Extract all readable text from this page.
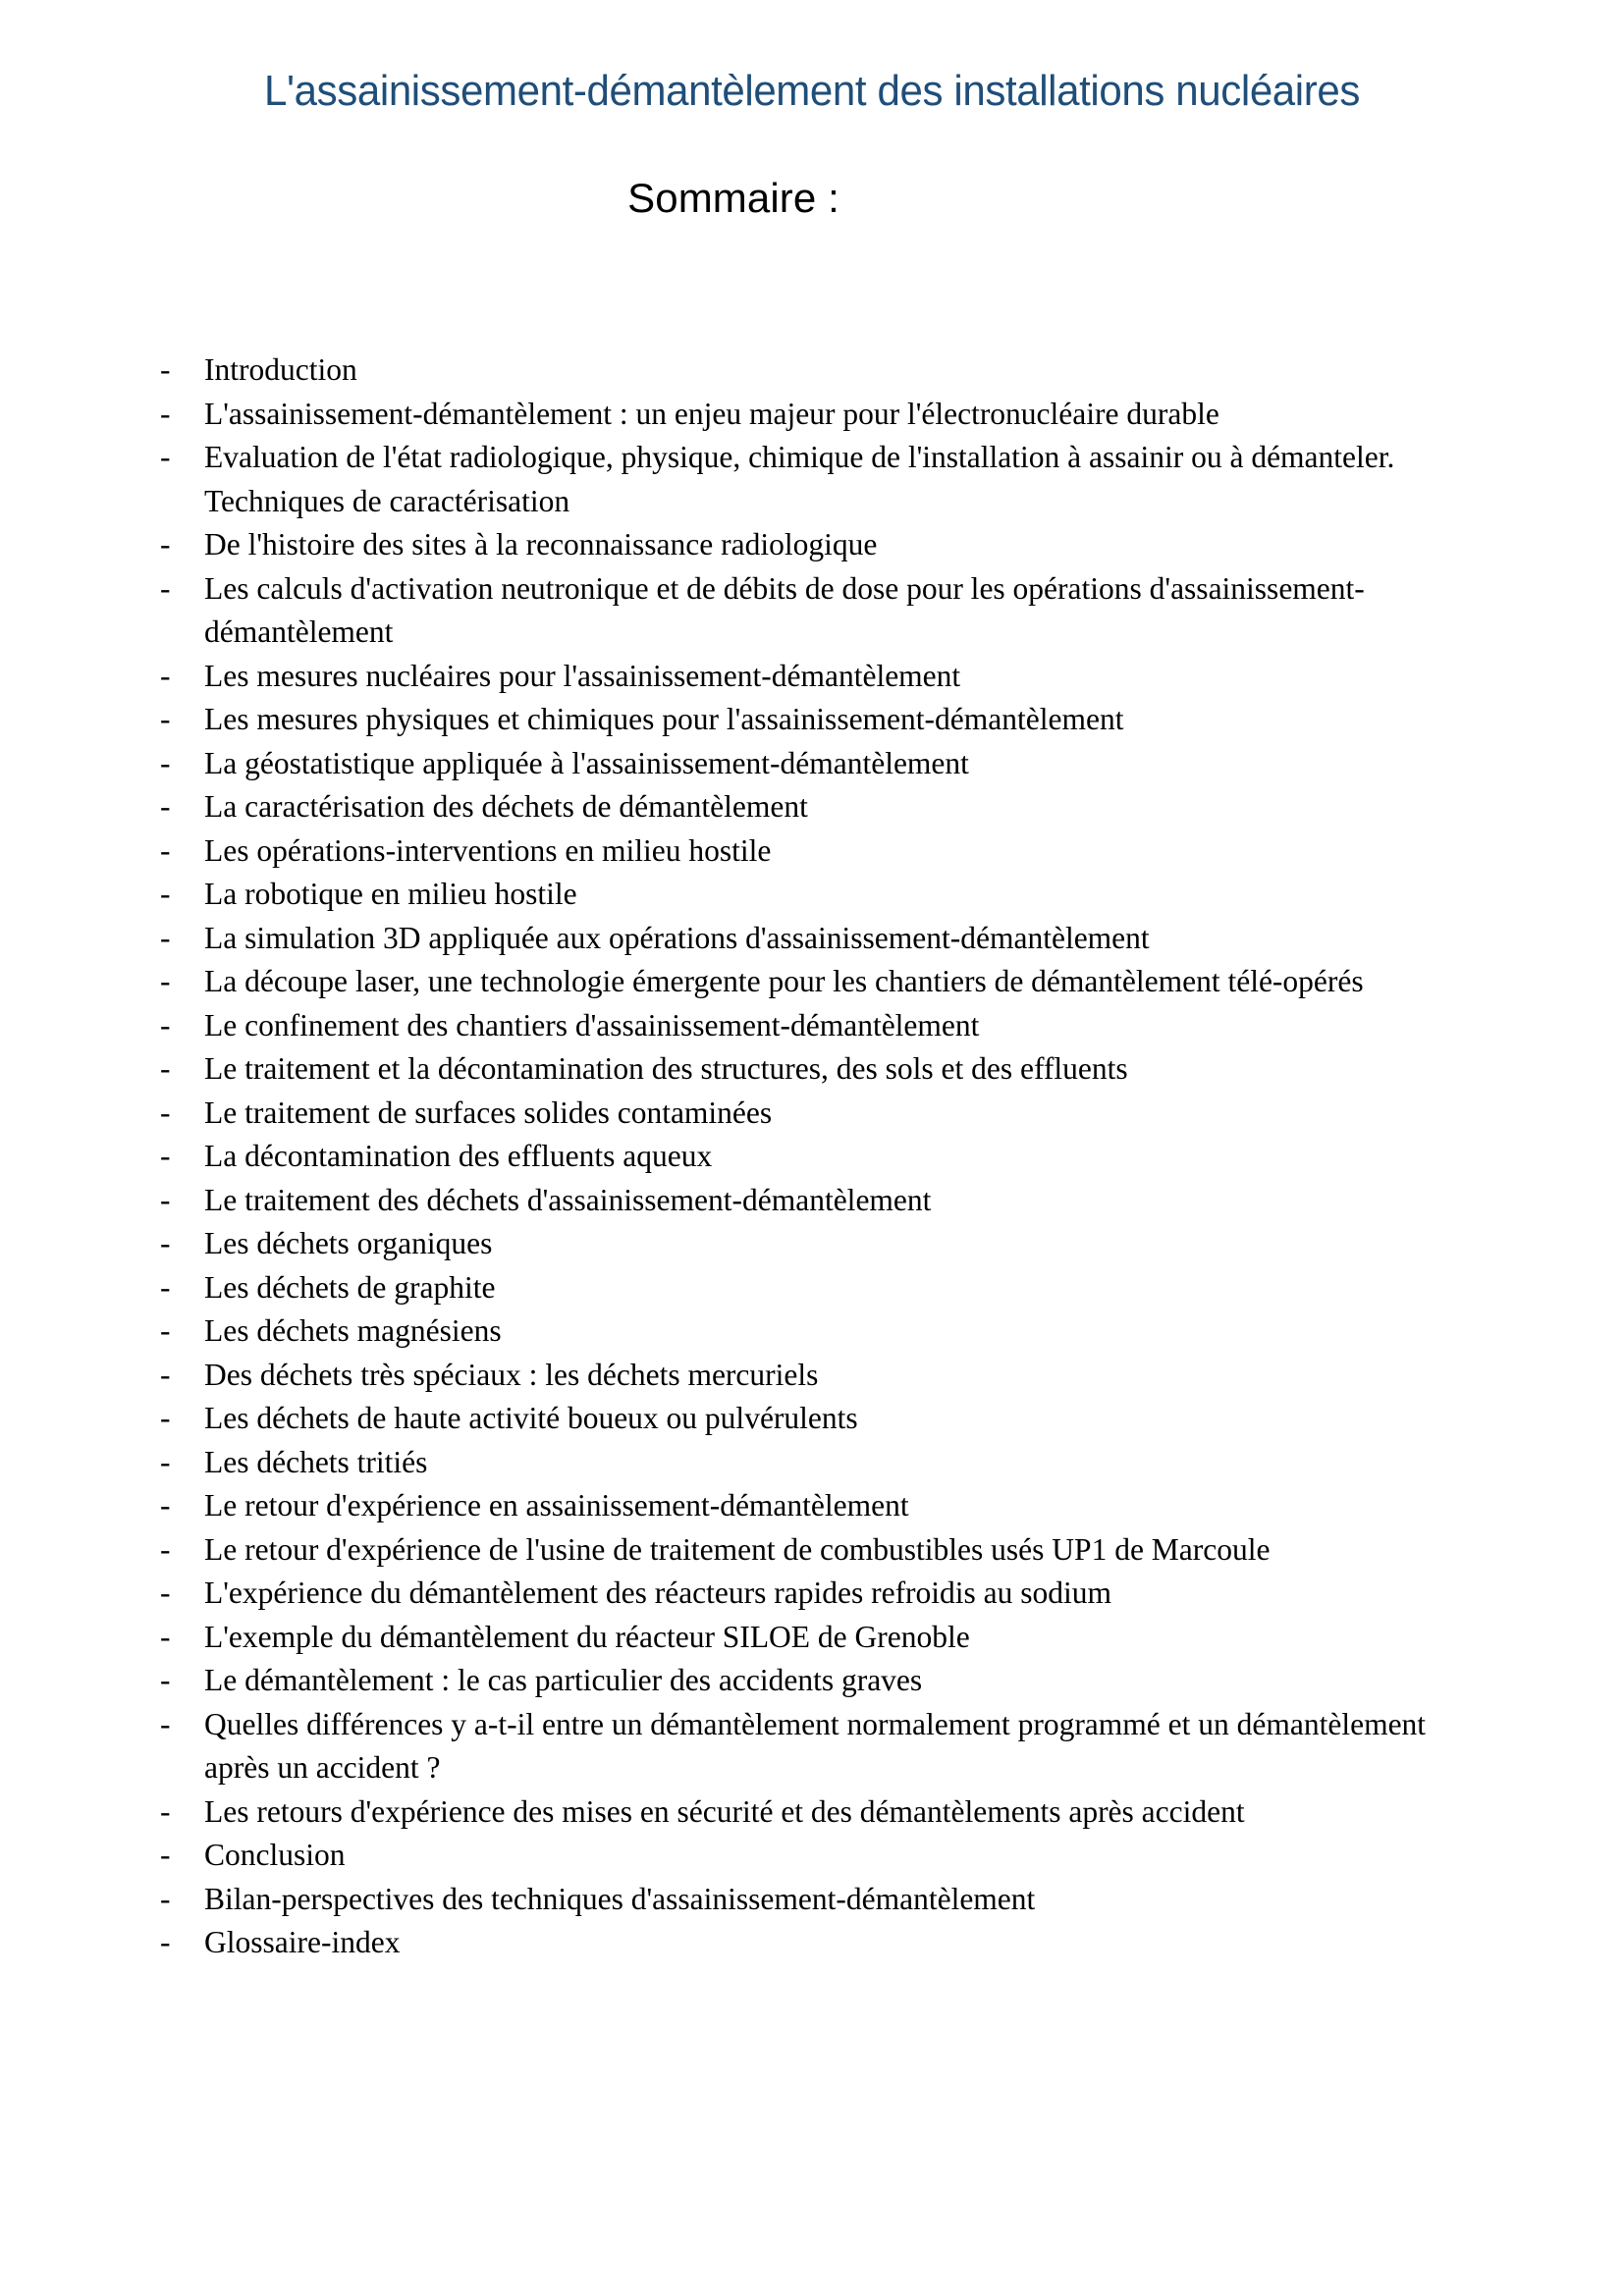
L'assainissement-démantèlement des installations nucléaires
Sommaire :
-	Introduction
-	L'assainissement-démantèlement : un enjeu majeur pour l'électronucléaire durable
-	Evaluation de l'état radiologique, physique, chimique de l'installation à assainir ou à démanteler. Techniques de caractérisation
-	De l'histoire des sites à la reconnaissance radiologique
-	Les calculs d'activation neutronique et de débits de dose pour les opérations d'assainissement-démantèlement
-	Les mesures nucléaires pour l'assainissement-démantèlement
-	Les mesures physiques et chimiques pour l'assainissement-démantèlement
-	La géostatistique appliquée à l'assainissement-démantèlement
-	La caractérisation des déchets de démantèlement
-	Les opérations-interventions en milieu hostile
-	La robotique en milieu hostile
-	La simulation 3D appliquée aux opérations d'assainissement-démantèlement
-	La découpe laser, une technologie émergente pour les chantiers de démantèlement télé-opérés
-	Le confinement des chantiers d'assainissement-démantèlement
-	Le traitement et la décontamination des structures, des sols et des effluents
-	Le traitement de surfaces solides contaminées
-	La décontamination des effluents aqueux
-	Le traitement des déchets d'assainissement-démantèlement
-	Les déchets organiques
-	Les déchets de graphite
-	Les déchets magnésiens
-	Des déchets très spéciaux : les déchets mercuriels
-	Les déchets de haute activité boueux ou pulvérulents
-	Les déchets tritiés
-	Le retour d'expérience en assainissement-démantèlement
-	Le retour d'expérience de l'usine de traitement de combustibles usés UP1 de Marcoule
-	L'expérience du démantèlement des réacteurs rapides refroidis au sodium
-	L'exemple du démantèlement du réacteur SILOE de Grenoble
-	Le démantèlement : le cas particulier des accidents graves
-	Quelles différences y a-t-il entre un démantèlement normalement programmé et un démantèlement après un accident ?
-	Les retours d'expérience des mises en sécurité et des démantèlements après accident
-	Conclusion
-	Bilan-perspectives des techniques d'assainissement-démantèlement
-	Glossaire-index
